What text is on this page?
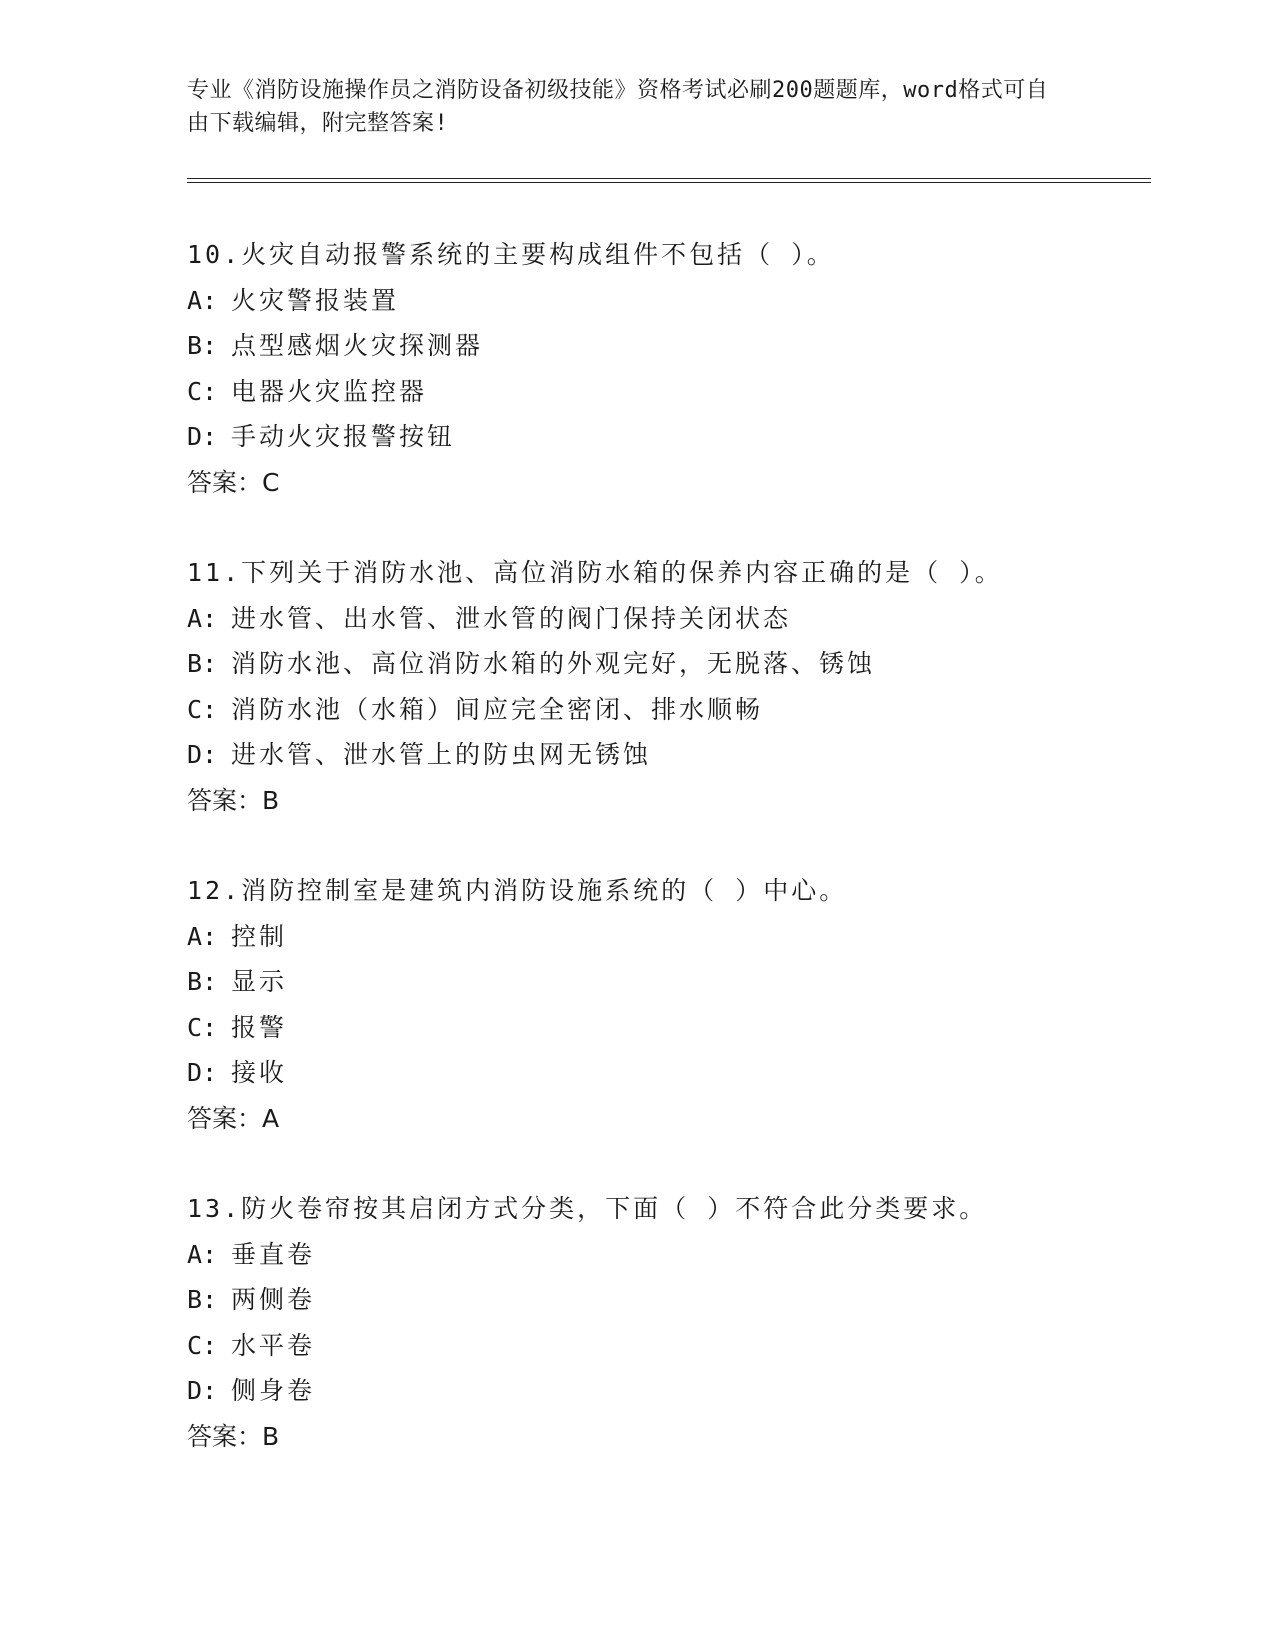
专业《消防设施操作员之消防设备初级技能》资格考试必刷200题题库，word格式可自由下载编辑，附完整答案!
10.火灾自动报警系统的主要构成组件不包括（ ）。
A: 火灾警报装置
B: 点型感烟火灾探测器
C: 电器火灾监控器
D: 手动火灾报警按钮
答案：C
11.下列关于消防水池、高位消防水箱的保养内容正确的是（ ）。
A: 进水管、出水管、泄水管的阀门保持关闭状态
B: 消防水池、高位消防水箱的外观完好，无脱落、锈蚀
C: 消防水池（水箱）间应完全密闭、排水顺畅
D: 进水管、泄水管上的防虫网无锈蚀
答案：B
12.消防控制室是建筑内消防设施系统的（ ）中心。
A: 控制
B: 显示
C: 报警
D: 接收
答案：A
13.防火卷帘按其启闭方式分类，下面（ ）不符合此分类要求。
A: 垂直卷
B: 两侧卷
C: 水平卷
D: 侧身卷
答案：B
